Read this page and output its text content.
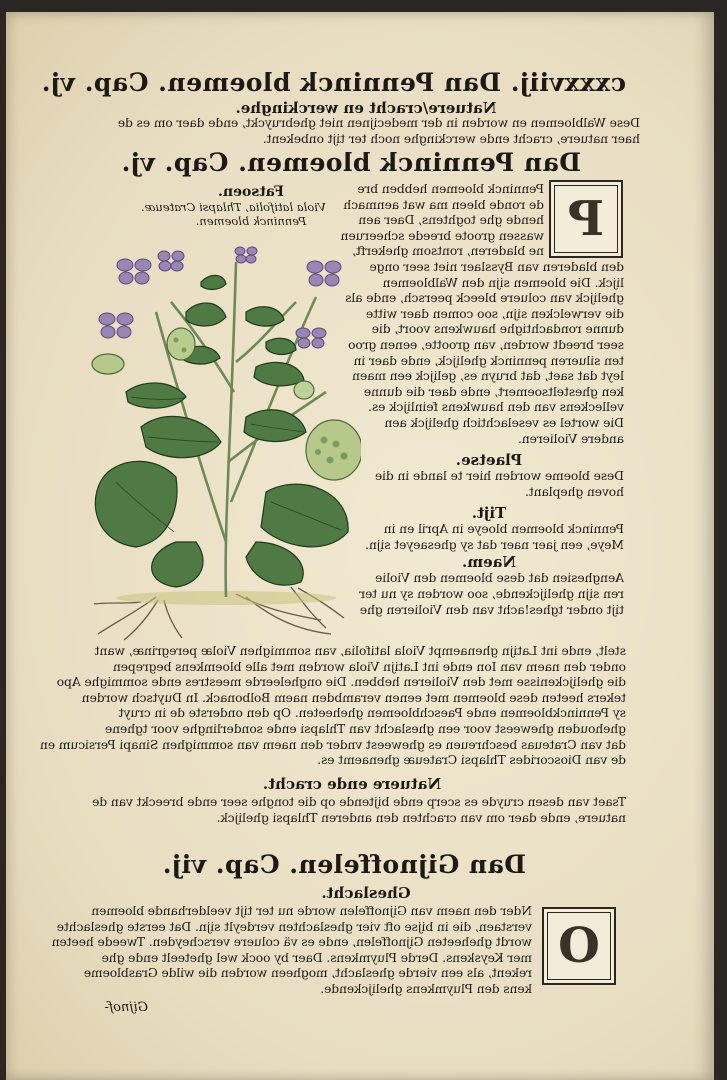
cxxxviij. Dan Penninck bloemen. Cap. vj.
Natuere/cracht en werckinghe.
Dese Walbloemen en worden in der medecijnen niet ghebruyckt, ende daer om es de
haer natuere, cracht ende werckinghe noch ter tijt onbekent.
Dan Penninck bloemen. Cap. vj.
Fatsoen.
Viola latifolia, Thlapsi Crateuæ.
Penninck bloemen.	P
Penninck bloemen hebben bre
de ronde bleen ma wat aenmach
hende ghe toghtens, Daer aen
wassen groote breede scheeruen
ne bladeren, rontsom ghekerft,
den bladeren van Bysslaer niet seer onge
lijck. Die bloemen sijn den Walbloemen
ghelijck van coluere bleeck peersch, ende als
die verwelcken sijn, soo comen daer witte
dunne rondachtighe hauwkens voort, die
seer breedt worden, van grootte, eenen groo
ten silueren penninck ghelijck, ende daer in
leyt dat saet, dat bruyn es, gelijck een maen
ken ghesteltsoemert, ende daer die dunne
velleckens van den hauwkens feinlijck es.
Die wortel es veselachtich ghelijck aen
andere Violieren.
Plaetse.
Dese bloeme worden hier te lande in die
hoven gheplant.
Tijt.
Penninck bloemen bloeye in April en in
Meye, een jaer naer dat sy ghesaeyet sijn.
Naem.
Aenghesien dat dese bloemen den Violie
ren sijn ghelijckende, soo worden sy nu ter
tijt onder tghes!acht van den Violieren ghe
stelt, ende int Latijn ghenaempt Viola latifolia, van sommighen Violæ peregrinæ, want
onder den naem van Ion ende int Latijn Viola worden met alle bloemkens begrepen
die ghelijckenisse met den Violieren hebben. Die ongheleerde meestres ende sommighe Apo
tekers heeten dese bloemen met eenen verambden naem Bolbonack. In Duytsch worden
sy Penninckbloemen ende Paeschbloemen gheheeten. Op den onderste de in cruyt
ghehouden gheweest voor een gheslacht van Thlapsi ende sonderlinghe voor tghene
dat van Crateuas beschreuen es gheweest vnder den naem van sommighen Sinapi Persicum en
de van Dioscorides Thlapsi Crateuæ ghenaemt es.
Natuere ende cracht.
Tsaet van desen cruyde es scerp ende bijtende op die tonghe seer ende breeckt van de
natuere, ende daer om van crachten den anderen Thlapsi ghelijck.
Dan Gijnoffelen. Cap. vij.
Gheslacht.
O
Nder den naem van Gijnoffelen worde nu ter tijt veelderhande bloemen
verstaen, die in bijse oft vier gheslachten verdeylt sijn. Dat eerste gheslachte
wordt gheheeten Gijnoffelen, ende es vä coluere verscheyden. Tweede heeten
mer Keyskens. Derde Pluymkens. Daer by oock wel gheteelt ende ghe
rekent, als een vierde gheslacht, mogheen worden die wilde Grasbloeme
kens den Pluymkens ghelijckende.
Gijnof-
